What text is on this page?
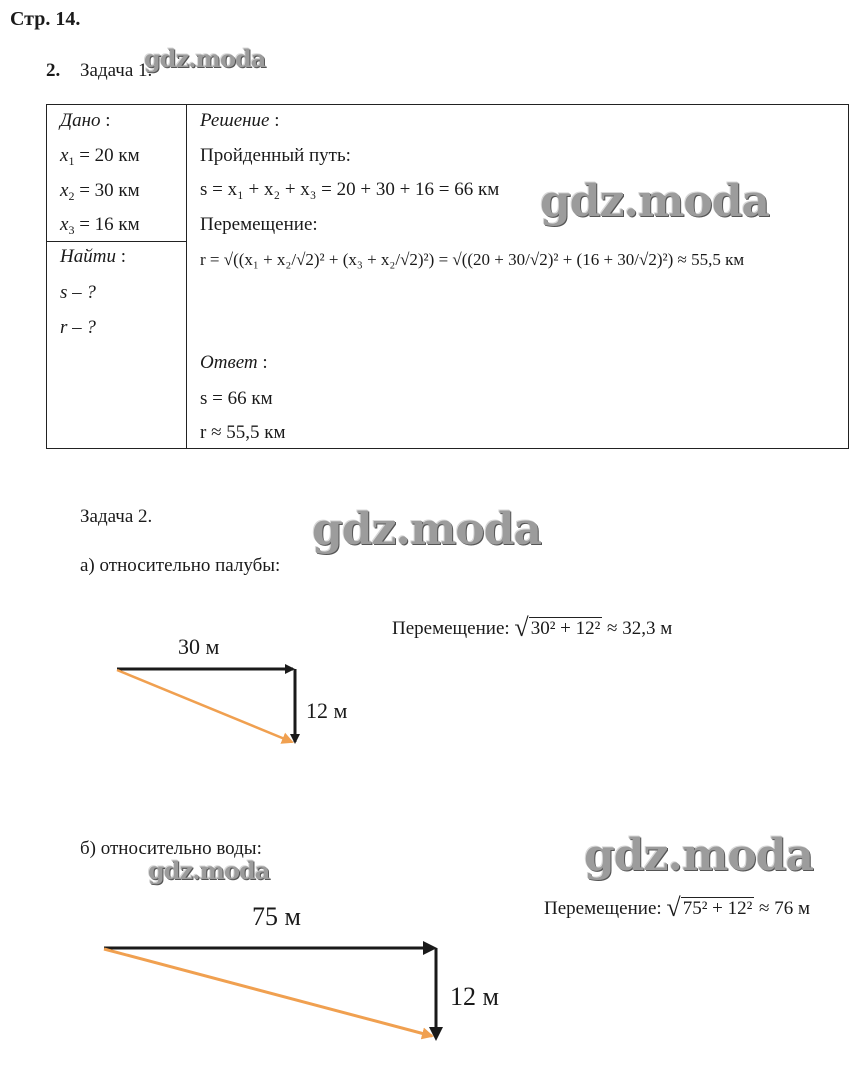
Стр. 14.
2. Задача 1.
gdz.moda
gdz.moda
gdz.moda
gdz.moda	gdz.moda
Дано :
$x_1 = 20$ км
$x_2 = 30$ км
$x_3 = 16$ км
Найти :
s – ?
r – ?
Решение :
Пройденный путь:
s = x₁ + x₂ + x₃ = 20 + 30 + 16 = 66 км
Перемещение:
r = √((x₁ + x₂/√2)² + (x₃ + x₂/√2)²) = √((20 + 30/√2)² + (16 + 30/√2)²) ≈ 55,5 км
Ответ :
s = 66 км
r ≈ 55,5 км
Задача 2.
а) относительно палубы:
Перемещение: √ 30² + 12² ≈ 32,3 м
30 м
12 м
б) относительно воды:
Перемещение: √ 75² + 12² ≈ 76 м
75 м
12 м
